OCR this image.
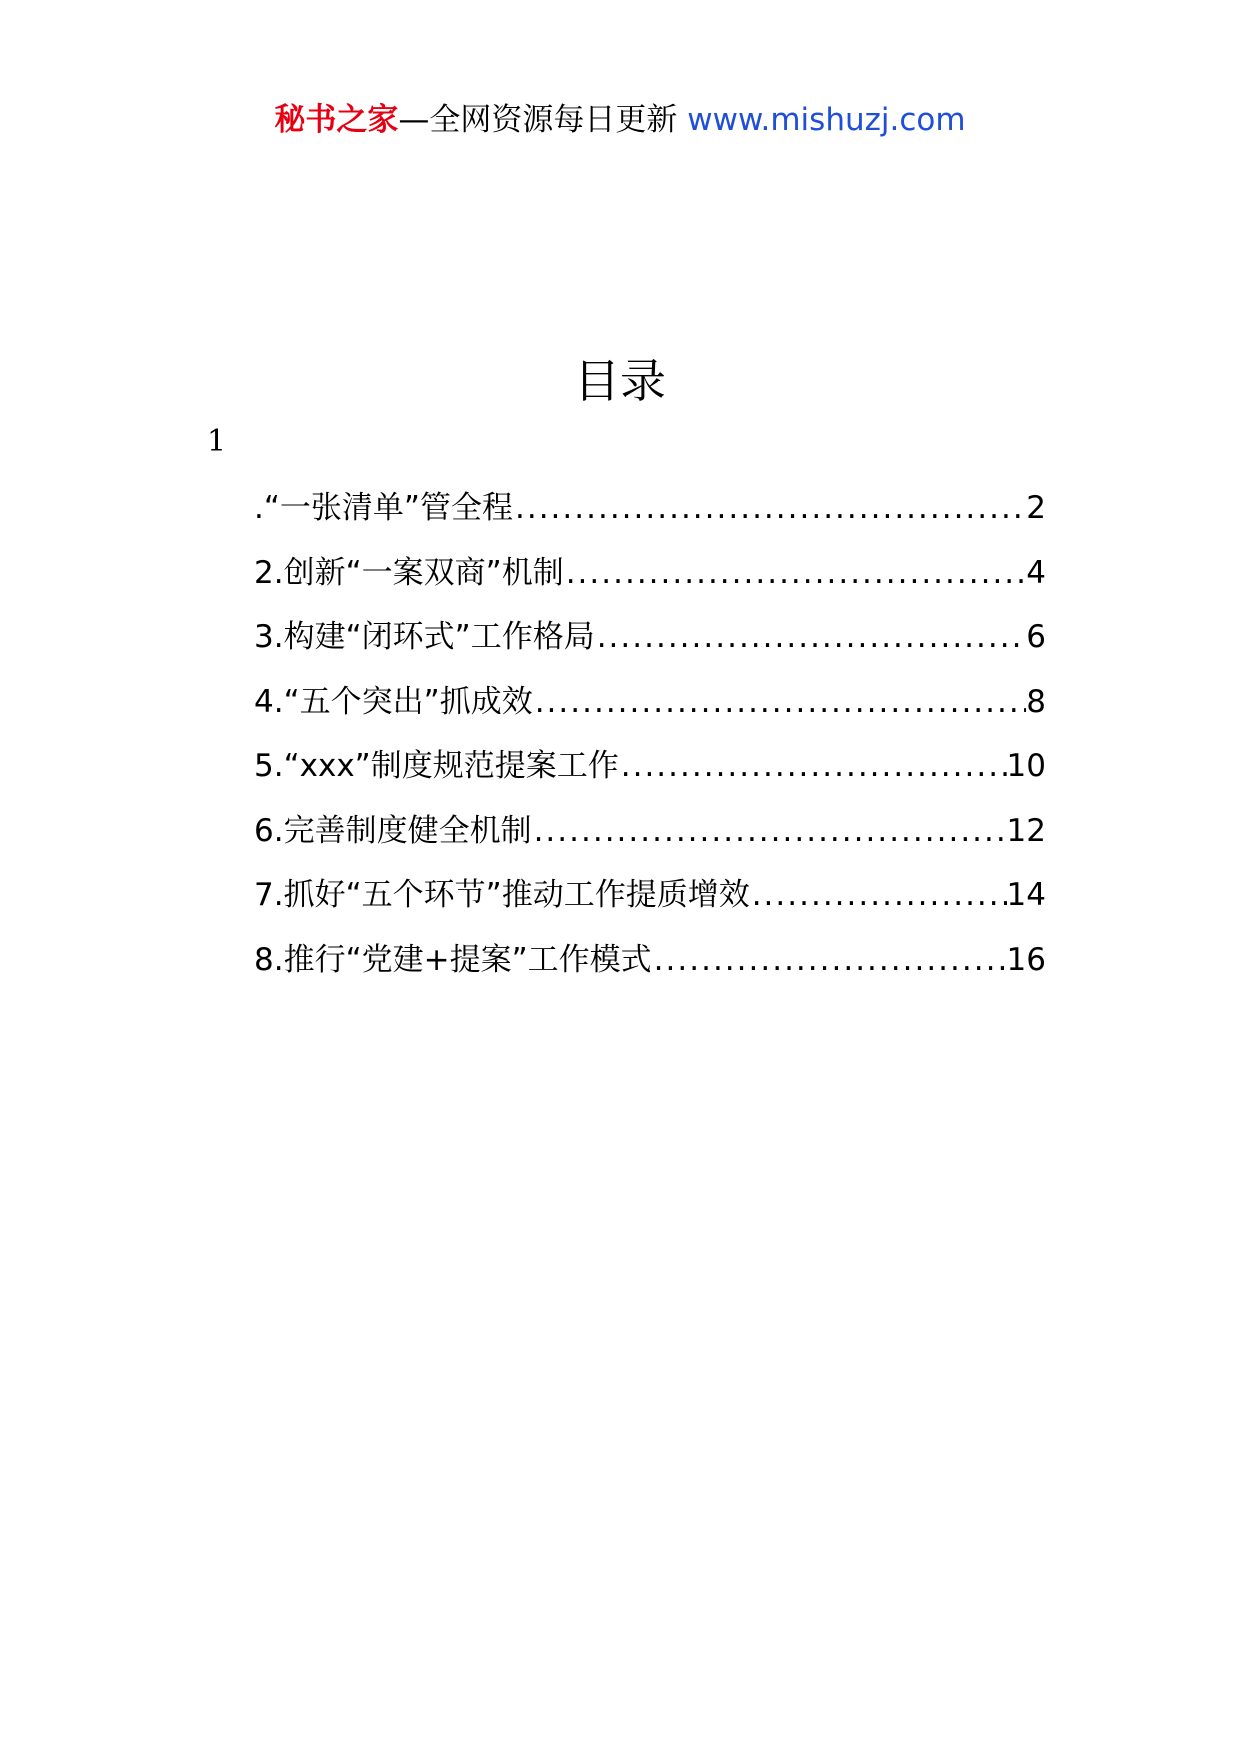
秘书之家—全网资源每日更新 www.mishuzj.com
目录
1
.“一张清单”管全程 .....	2
2.创新“一案双商”机制 .....	4
3.构建“闭环式”工作格局 .....	6
4.“五个突出”抓成效 .....	8
5.“xxx”制度规范提案工作 .....	10
6.完善制度健全机制 .....	12
7.抓好“五个环节”推动工作提质增效 .....	14
8.推行“党建+提案”工作模式 .....	16
